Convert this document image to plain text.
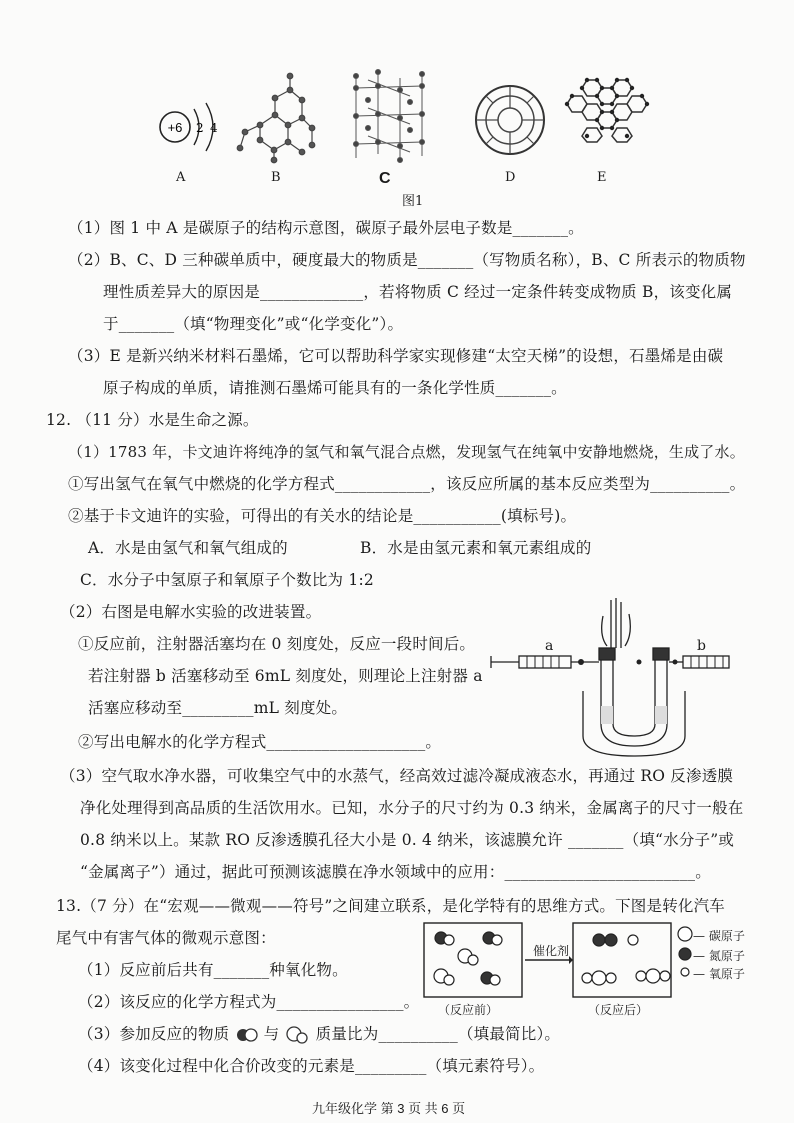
+6 2 4
A	B	C	D	E
图1
（1）图 1 中 A 是碳原子的结构示意图，碳原子最外层电子数是_______。
（2）B、C、D 三种碳单质中，硬度最大的物质是_______（写物质名称），B、C 所表示的物质物
理性质差异大的原因是_____________，若将物质 C 经过一定条件转变成物质 B，该变化属
于_______（填“物理变化”或“化学变化”）。
（3）E 是新兴纳米材料石墨烯，它可以帮助科学家实现修建“太空天梯”的设想，石墨烯是由碳
原子构成的单质，请推测石墨烯可能具有的一条化学性质_______。
12. （11 分）水是生命之源。
（1）1783 年，卡文迪许将纯净的氢气和氧气混合点燃，发现氢气在纯氧中安静地燃烧，生成了水。
①写出氢气在氧气中燃烧的化学方程式____________，该反应所属的基本反应类型为__________。
②基于卡文迪许的实验，可得出的有关水的结论是___________(填标号)。
A．水是由氢气和氧气组成的	B．水是由氢元素和氧元素组成的
C．水分子中氢原子和氧原子个数比为 1:2
（2）右图是电解水实验的改进装置。
①反应前，注射器活塞均在 0 刻度处，反应一段时间后。
若注射器 b 活塞移动至 6mL 刻度处，则理论上注射器 a
活塞应移动至_________mL 刻度处。
②写出电解水的化学方程式____________________。
a	b
（3）空气取水净水器，可收集空气中的水蒸气，经高效过滤冷凝成液态水，再通过 RO 反渗透膜
净化处理得到高品质的生活饮用水。已知，水分子的尺寸约为 0.3 纳米，金属离子的尺寸一般在
0.8 纳米以上。某款 RO 反渗透膜孔径大小是 0. 4 纳米，该滤膜允许 _______（填“水分子”或
“金属离子”）通过，据此可预测该滤膜在净水领域中的应用：________________________。
13.（7 分）在“宏观——微观——符号”之间建立联系，是化学特有的思维方式。下图是转化汽车
尾气中有害气体的微观示意图：
（1）反应前后共有_______种氧化物。
（2）该反应的化学方程式为________________。
（3）参加反应的物质 与 质量比为__________（填最简比）。
（4）该变化过程中化合价改变的元素是_________（填元素符号）。
催化剂
（反应前）	（反应后）
— 碳原子
— 氮原子
— 氧原子
九年级化学 第 3 页 共 6 页
